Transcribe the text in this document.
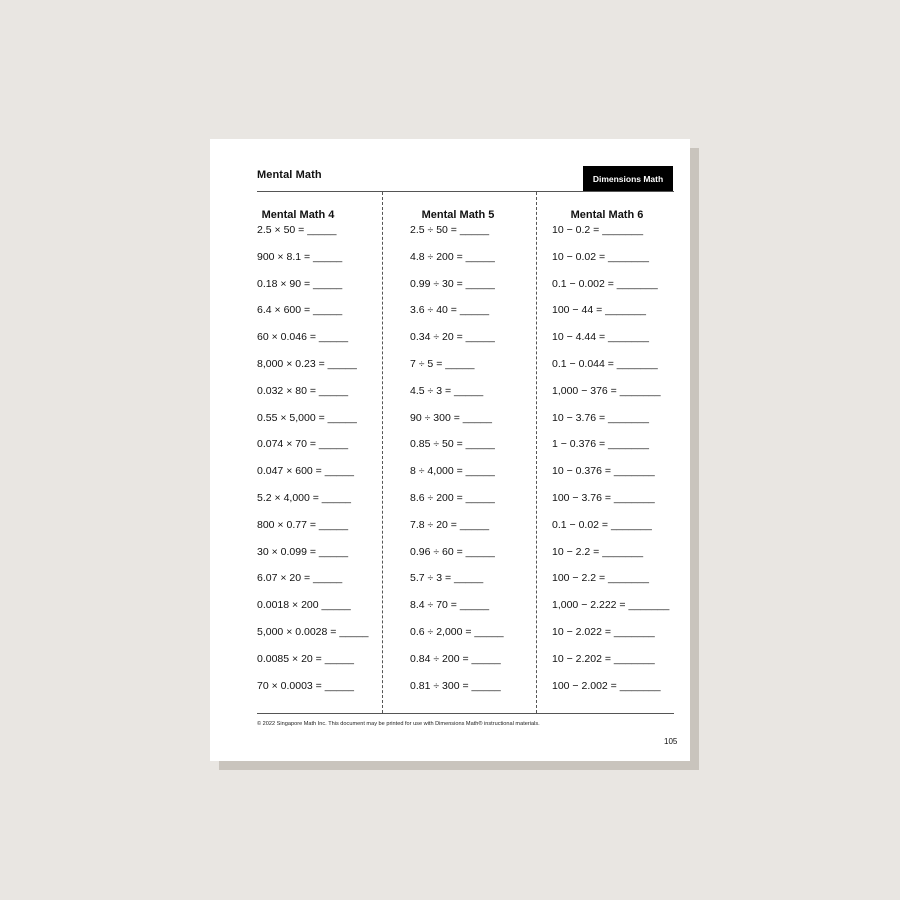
Mental Math	Dimensions Math
Mental Math 4
2.5 × 50 = _____
900 × 8.1 = _____
0.18 × 90 = _____
6.4 × 600 = _____
60 × 0.046 = _____
8,000 × 0.23 = _____
0.032 × 80 = _____
0.55 × 5,000 = _____
0.074 × 70 = _____
0.047 × 600 = _____
5.2 × 4,000 = _____
800 × 0.77 = _____
30 × 0.099 = _____
6.07 × 20 = _____
0.0018 × 200 _____
5,000 × 0.0028 = _____
0.0085 × 20 = _____
70 × 0.0003 = _____
Mental Math 5
2.5 ÷ 50 = _____
4.8 ÷ 200 = _____
0.99 ÷ 30 = _____
3.6 ÷ 40 = _____
0.34 ÷ 20 = _____
7 ÷ 5 = _____
4.5 ÷ 3 = _____
90 ÷ 300 = _____
0.85 ÷ 50 = _____
8 ÷ 4,000 = _____
8.6 ÷ 200 = _____
7.8 ÷ 20 = _____
0.96 ÷ 60 = _____
5.7 ÷ 3 = _____
8.4 ÷ 70 = _____
0.6 ÷ 2,000 = _____
0.84 ÷ 200 = _____
0.81 ÷ 300 = _____
Mental Math 6
10 − 0.2 = _______
10 − 0.02 = _______
0.1 − 0.002 = _______
100 − 44 = _______
10 − 4.44 = _______
0.1 − 0.044 = _______
1,000 − 376 = _______
10 − 3.76 = _______
1 − 0.376 = _______
10 − 0.376 = _______
100 − 3.76 = _______
0.1 − 0.02 = _______
10 − 2.2 = _______
100 − 2.2 = _______
1,000 − 2.222 = _______
10 − 2.022 = _______
10 − 2.202 = _______
100 − 2.002 = _______
© 2022 Singapore Math Inc. This document may be printed for use with Dimensions Math® instructional materials.
105
